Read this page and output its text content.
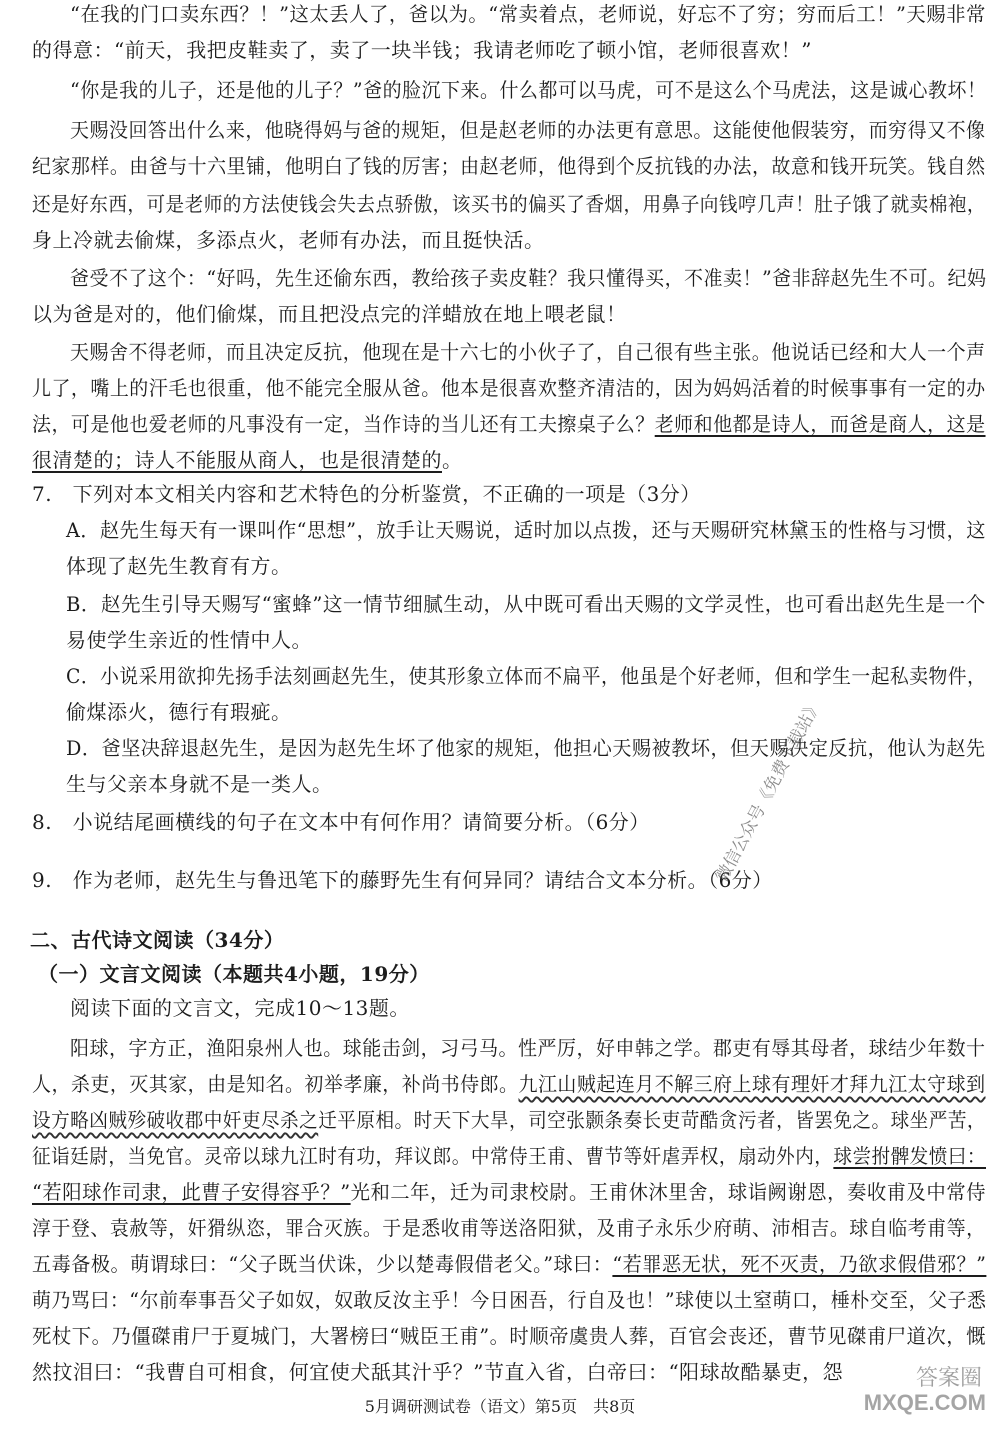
“在我的门口卖东西？！”这太丢人了，爸以为。“常卖着点，老师说，好忘不了穷；穷而后工！”天赐非常
的得意：“前天，我把皮鞋卖了，卖了一块半钱；我请老师吃了顿小馆，老师很喜欢！”
“你是我的儿子，还是他的儿子？”爸的脸沉下来。什么都可以马虎，可不是这么个马虎法，这是诚心教坏！
天赐没回答出什么来，他晓得妈与爸的规矩，但是赵老师的办法更有意思。这能使他假装穷，而穷得又不像
纪家那样。由爸与十六里铺，他明白了钱的厉害；由赵老师，他得到个反抗钱的办法，故意和钱开玩笑。钱自然
还是好东西，可是老师的方法使钱会失去点骄傲，该买书的偏买了香烟，用鼻子向钱哼几声！肚子饿了就卖棉袍，
身上冷就去偷煤，多添点火，老师有办法，而且挺快活。
爸受不了这个：“好吗，先生还偷东西，教给孩子卖皮鞋？我只懂得买，不准卖！”爸非辞赵先生不可。纪妈
以为爸是对的，他们偷煤，而且把没点完的洋蜡放在地上喂老鼠！
天赐舍不得老师，而且决定反抗，他现在是十六七的小伙子了，自己很有些主张。他说话已经和大人一个声
儿了，嘴上的汗毛也很重，他不能完全服从爸。他本是很喜欢整齐清洁的，因为妈妈活着的时候事事有一定的办
法，可是他也爱老师的凡事没有一定，当作诗的当儿还有工夫擦桌子么？老师和他都是诗人，而爸是商人，这是
很清楚的；诗人不能服从商人，也是很清楚的。
7.　下列对本文相关内容和艺术特色的分析鉴赏，不正确的一项是（3分）
A．赵先生每天有一课叫作“思想”，放手让天赐说，适时加以点拨，还与天赐研究林黛玉的性格与习惯，这
体现了赵先生教育有方。
B．赵先生引导天赐写“蜜蜂”这一情节细腻生动，从中既可看出天赐的文学灵性，也可看出赵先生是一个
易使学生亲近的性情中人。
C．小说采用欲抑先扬手法刻画赵先生，使其形象立体而不扁平，他虽是个好老师，但和学生一起私卖物件，
偷煤添火，德行有瑕疵。
D．爸坚决辞退赵先生，是因为赵先生坏了他家的规矩，他担心天赐被教坏，但天赐决定反抗，他认为赵先
生与父亲本身就不是一类人。
8.　小说结尾画横线的句子在文本中有何作用？请简要分析。（6分）
9.　作为老师，赵先生与鲁迅笔下的藤野先生有何异同？请结合文本分析。（6分）
二、古代诗文阅读（34分）
（一）文言文阅读（本题共4小题，19分）
阅读下面的文言文，完成10～13题。
阳球，字方正，渔阳泉州人也。球能击剑，习弓马。性严厉，好申韩之学。郡吏有辱其母者，球结少年数十
人，杀吏，灭其家，由是知名。初举孝廉，补尚书侍郎。九江山贼起连月不解三府上球有理奸才拜九江太守球到
设方略凶贼殄破收郡中奸吏尽杀之迁平原相。时天下大旱，司空张颢条奏长吏苛酷贪污者，皆罢免之。球坐严苦，
征诣廷尉，当免官。灵帝以球九江时有功，拜议郎。中常侍王甫、曹节等奸虐弄权，扇动外内，球尝拊髀发愤曰：
“若阳球作司隶，此曹子安得容乎？”光和二年，迁为司隶校尉。王甫休沐里舍，球诣阙谢恩，奏收甫及中常侍
淳于登、袁赦等，奸猾纵恣，罪合灭族。于是悉收甫等送洛阳狱，及甫子永乐少府萌、沛相吉。球自临考甫等，
五毒备极。萌谓球曰：“父子既当伏诛，少以楚毒假借老父。”球曰：“若罪恶无状，死不灭责，乃欲求假借邪？”
萌乃骂曰：“尔前奉事吾父子如奴，奴敢反汝主乎！今日困吾，行自及也！”球使以土窒萌口，棰朴交至，父子悉
死杖下。乃僵磔甫尸于夏城门，大署榜曰“贼臣王甫”。时顺帝虞贵人葬，百官会丧还，曹节见磔甫尸道次，慨
然抆泪曰：“我曹自可相食，何宜使犬舐其汁乎？”节直入省，白帝曰：“阳球故酷暴吏，怨
5月调研测试卷（语文）第5页　共8页
微信公众号《免费下载站》
答案圈
MXQE.COM
